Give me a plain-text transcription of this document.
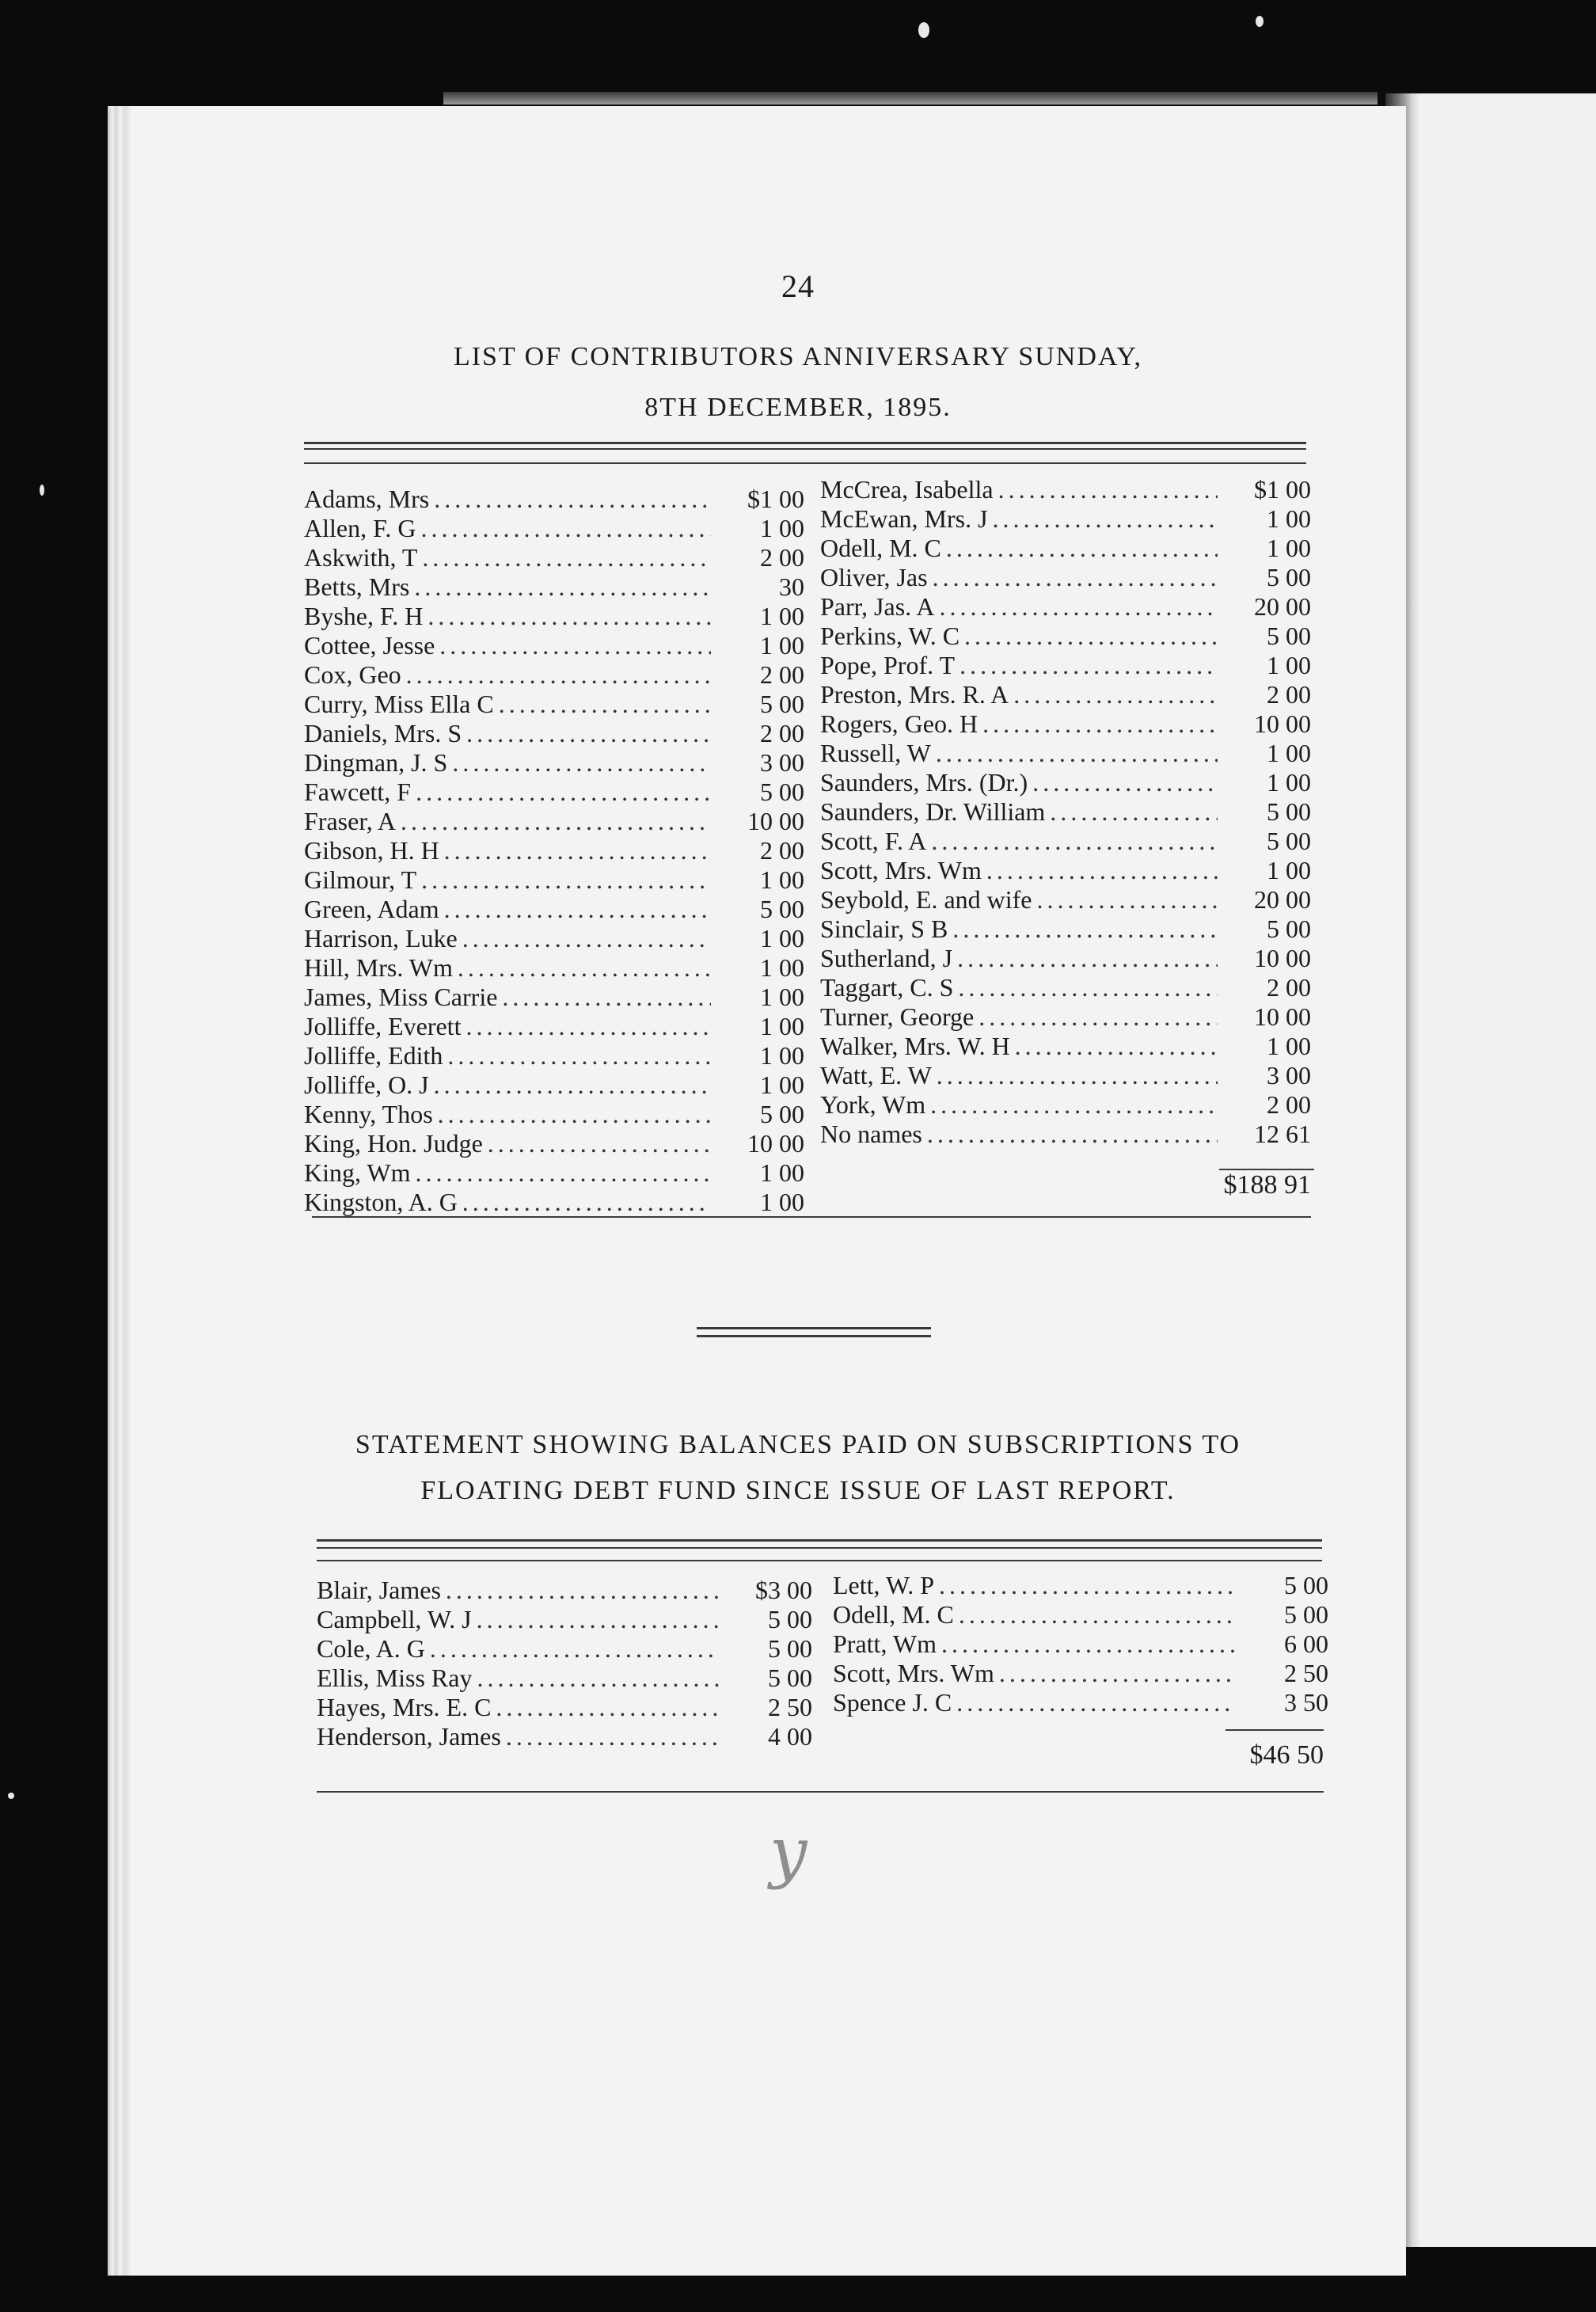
24
LIST OF CONTRIBUTORS ANNIVERSARY SUNDAY,
8TH DECEMBER, 1895.
Adams, Mrs .....	$1 00
Allen, F. G .....	1 00
Askwith, T .....	2 00
Betts, Mrs .....	30
Byshe, F. H .....	1 00
Cottee, Jesse .....	1 00
Cox, Geo .....	2 00
Curry, Miss Ella C .....	5 00
Daniels, Mrs. S .....	2 00
Dingman, J. S .....	3 00
Fawcett, F .....	5 00
Fraser, A .....	10 00
Gibson, H. H .....	2 00
Gilmour, T .....	1 00
Green, Adam .....	5 00
Harrison, Luke .....	1 00
Hill, Mrs. Wm .....	1 00
James, Miss Carrie .....	1 00
Jolliffe, Everett .....	1 00
Jolliffe, Edith .....	1 00
Jolliffe, O. J .....	1 00
Kenny, Thos .....	5 00
King, Hon. Judge .....	10 00
King, Wm .....	1 00
Kingston, A. G .....	1 00
McCrea, Isabella .....	$1 00
McEwan, Mrs. J .....	1 00
Odell, M. C .....	1 00
Oliver, Jas .....	5 00
Parr, Jas. A .....	20 00
Perkins, W. C .....	5 00
Pope, Prof. T .....	1 00
Preston, Mrs. R. A .....	2 00
Rogers, Geo. H .....	10 00
Russell, W .....	1 00
Saunders, Mrs. (Dr.) .....	1 00
Saunders, Dr. William .....	5 00
Scott, F. A .....	5 00
Scott, Mrs. Wm .....	1 00
Seybold, E. and wife .....	20 00
Sinclair, S B .....	5 00
Sutherland, J .....	10 00
Taggart, C. S .....	2 00
Turner, George .....	10 00
Walker, Mrs. W. H .....	1 00
Watt, E. W .....	3 00
York, Wm .....	2 00
No names .....	12 61
$188 91
STATEMENT SHOWING BALANCES PAID ON SUBSCRIPTIONS TO
FLOATING DEBT FUND SINCE ISSUE OF LAST REPORT.
Blair, James .....	$3 00
Campbell, W. J .....	5 00
Cole, A. G .....	5 00
Ellis, Miss Ray .....	5 00
Hayes, Mrs. E. C .....	2 50
Henderson, James .....	4 00
Lett, W. P .....	5 00
Odell, M. C .....	5 00
Pratt, Wm .....	6 00
Scott, Mrs. Wm .....	2 50
Spence J. C .....	3 50
$46 50
y
